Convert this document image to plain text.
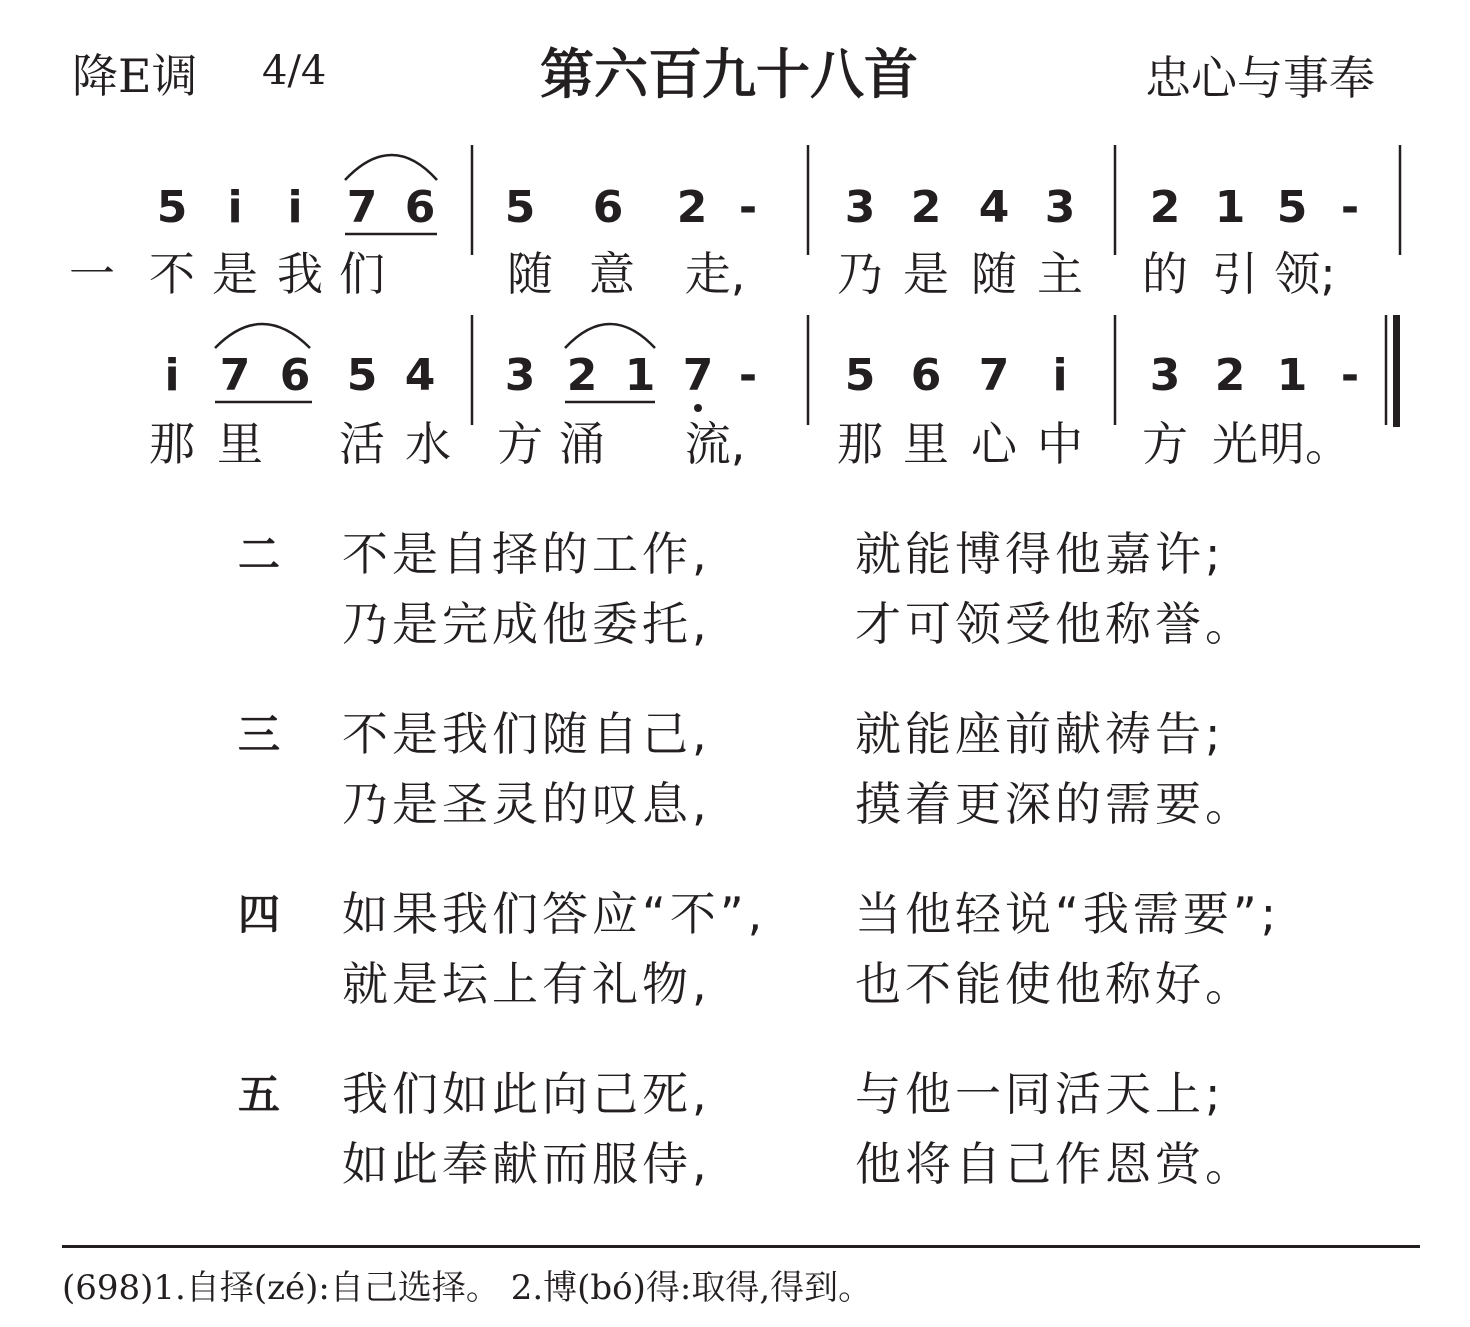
降E调 4/4	第六百九十八首	忠心与事奉
5 i i 7 6 5 6 2 - 3 2 4 3 2 1 5 -
一 不 是 我 们	随 意 走, 乃 是 随 主 的 引 领;
i 7 6 5 4 3 2 1 7 - 5 6 7 i 3 2 1 -
那 里 活 水 方 涌 流, 那 里 心 中 方 光 明。
二 不是自择的工作,	就能博得他嘉许;
乃是完成他委托,	才可领受他称誉。
三 不是我们随自己,	就能座前献祷告;
乃是圣灵的叹息,	摸着更深的需要。
四 如果我们答应“不”, 当他轻说“我需要”;
就是坛上有礼物,	也不能使他称好。
五 我们如此向己死,	与他一同活天上;
如此奉献而服侍,	他将自己作恩赏。
(698)1.自择(zé):自己选择。 2.博(bó)得:取得,得到。
